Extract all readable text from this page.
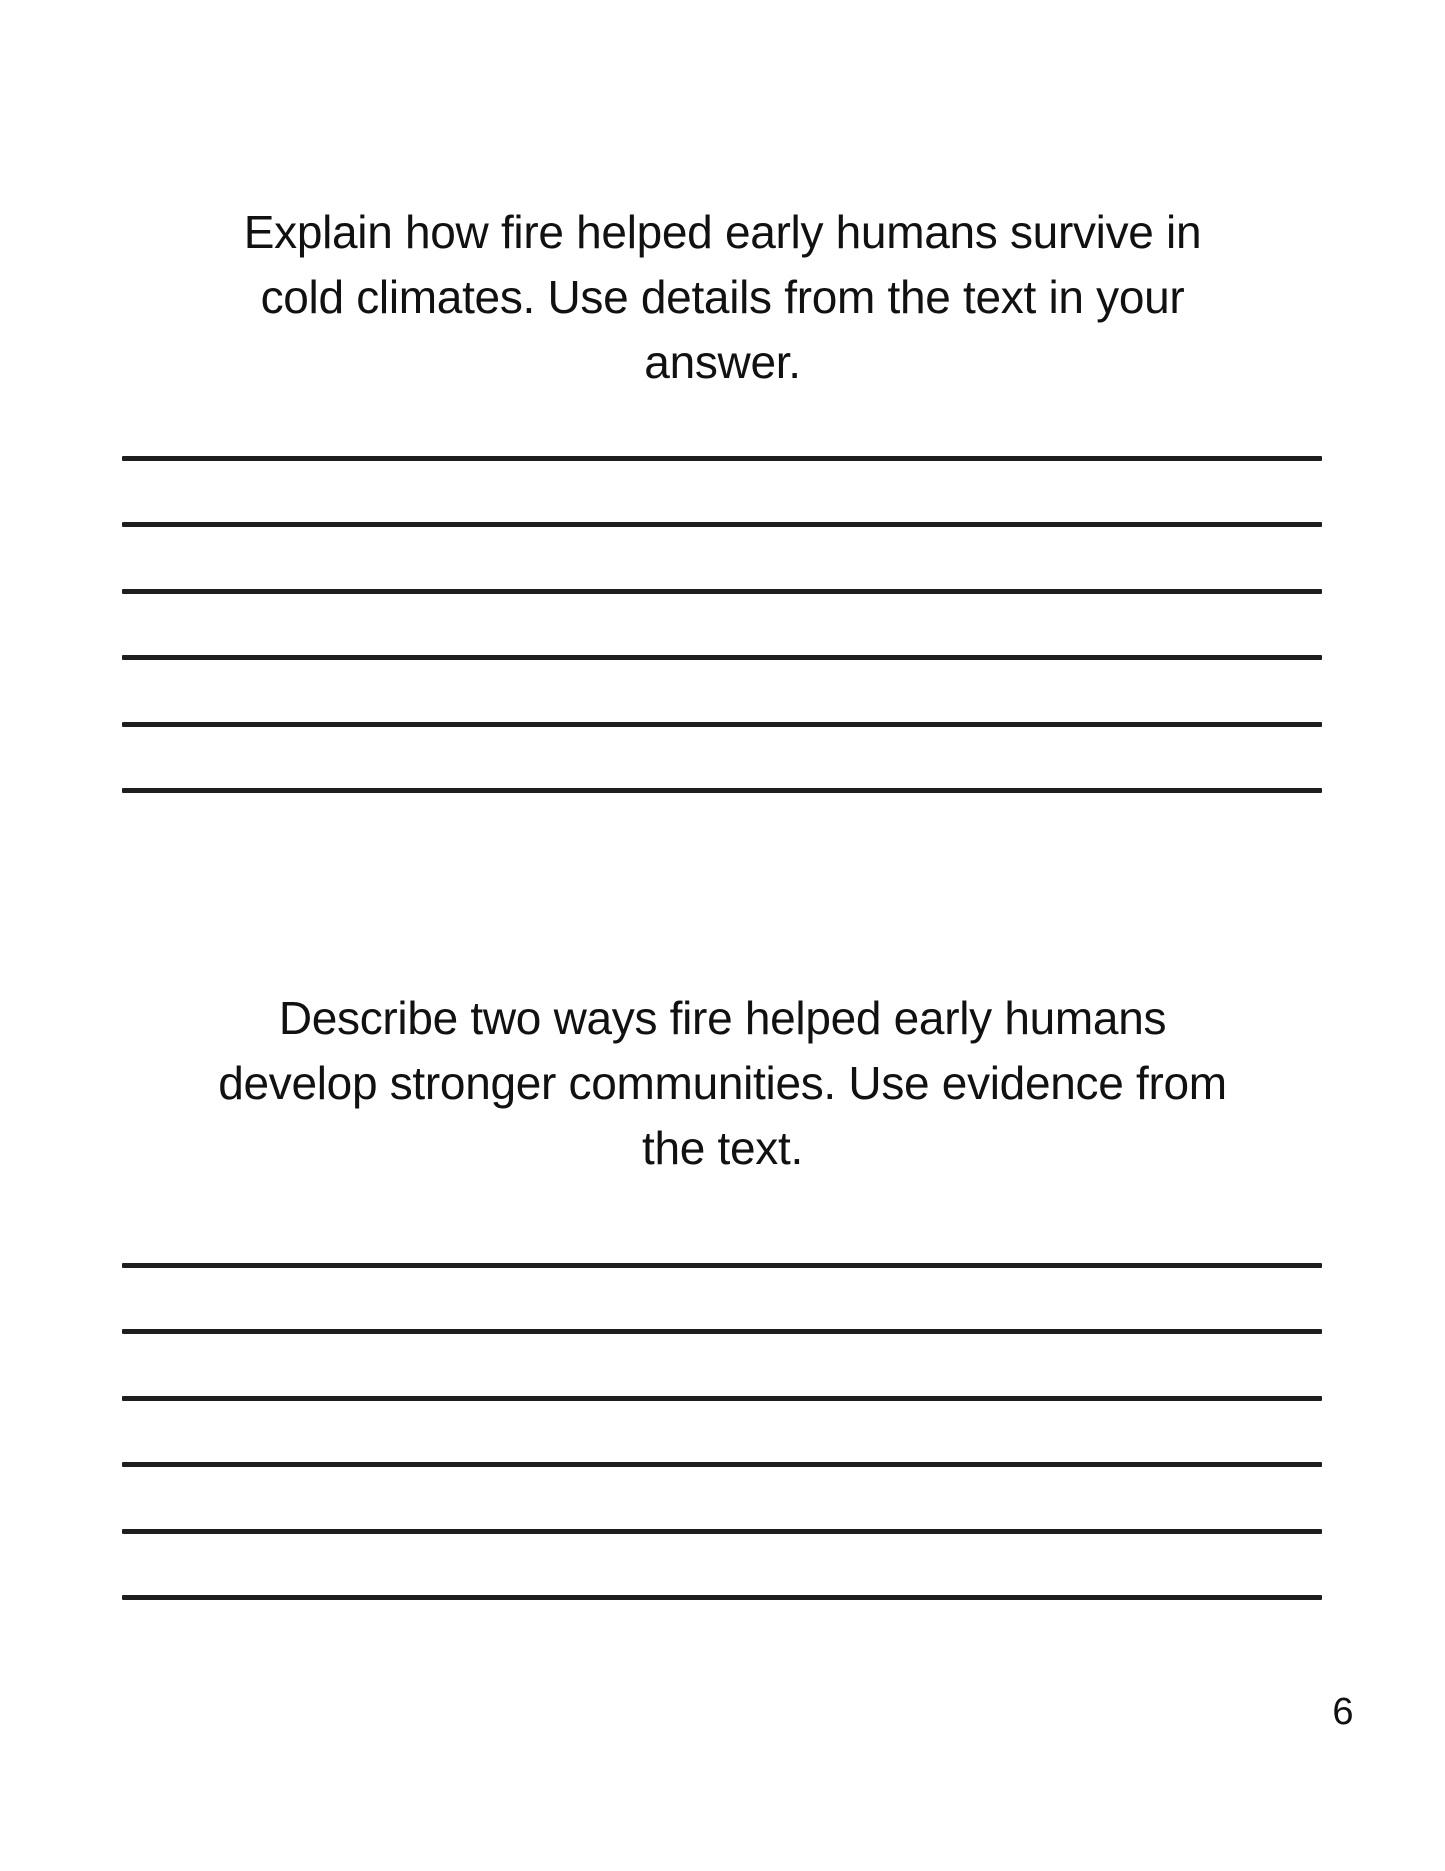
Explain how fire helped early humans survive in
cold climates. Use details from the text in your
answer.
Describe two ways fire helped early humans
develop stronger communities. Use evidence from
the text.
6
